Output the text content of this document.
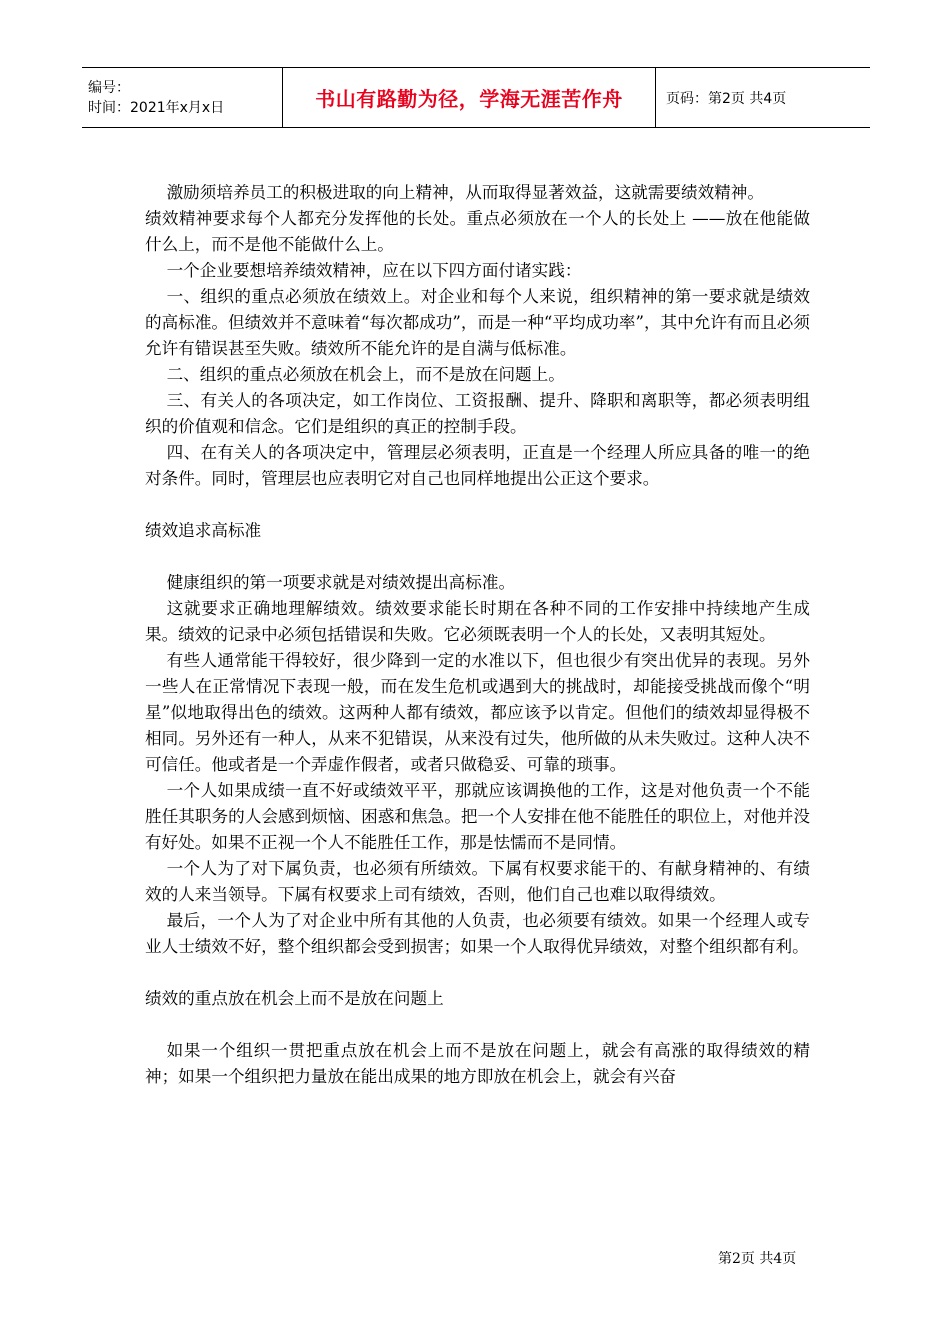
编号：
时间：2021年x月x日	书山有路勤为径，学海无涯苦作舟	页码：第2页 共4页

激励须培养员工的积极进取的向上精神，从而取得显著效益，这就需要绩效精神。

绩效精神要求每个人都充分发挥他的长处。重点必须放在一个人的长处上 ——放在他能做什么上，而不是他不能做什么上。

一个企业要想培养绩效精神，应在以下四方面付诸实践：

一、组织的重点必须放在绩效上。对企业和每个人来说，组织精神的第一要求就是绩效的高标准。但绩效并不意味着“每次都成功”，而是一种“平均成功率”，其中允许有而且必须允许有错误甚至失败。绩效所不能允许的是自满与低标准。

二、组织的重点必须放在机会上，而不是放在问题上。

三、有关人的各项决定，如工作岗位、工资报酬、提升、降职和离职等，都必须表明组织的价值观和信念。它们是组织的真正的控制手段。

四、在有关人的各项决定中，管理层必须表明，正直是一个经理人所应具备的唯一的绝对条件。同时，管理层也应表明它对自己也同样地提出公正这个要求。

绩效追求高标准

健康组织的第一项要求就是对绩效提出高标准。

这就要求正确地理解绩效。绩效要求能长时期在各种不同的工作安排中持续地产生成果。绩效的记录中必须包括错误和失败。它必须既表明一个人的长处，又表明其短处。

有些人通常能干得较好，很少降到一定的水准以下，但也很少有突出优异的表现。另外一些人在正常情况下表现一般，而在发生危机或遇到大的挑战时，却能接受挑战而像个“明星”似地取得出色的绩效。这两种人都有绩效，都应该予以肯定。但他们的绩效却显得极不相同。另外还有一种人，从来不犯错误，从来没有过失，他所做的从未失败过。这种人决不可信任。他或者是一个弄虚作假者，或者只做稳妥、可靠的琐事。

一个人如果成绩一直不好或绩效平平，那就应该调换他的工作，这是对他负责一个不能胜任其职务的人会感到烦恼、困惑和焦急。把一个人安排在他不能胜任的职位上，对他并没有好处。如果不正视一个人不能胜任工作，那是怯懦而不是同情。

一个人为了对下属负责，也必须有所绩效。下属有权要求能干的、有献身精神的、有绩效的人来当领导。下属有权要求上司有绩效，否则，他们自己也难以取得绩效。

最后，一个人为了对企业中所有其他的人负责，也必须要有绩效。如果一个经理人或专业人士绩效不好，整个组织都会受到损害；如果一个人取得优异绩效，对整个组织都有利。

绩效的重点放在机会上而不是放在问题上

如果一个组织一贯把重点放在机会上而不是放在问题上，就会有高涨的取得绩效的精神；如果一个组织把力量放在能出成果的地方即放在机会上，就会有兴奋

第2页 共4页
